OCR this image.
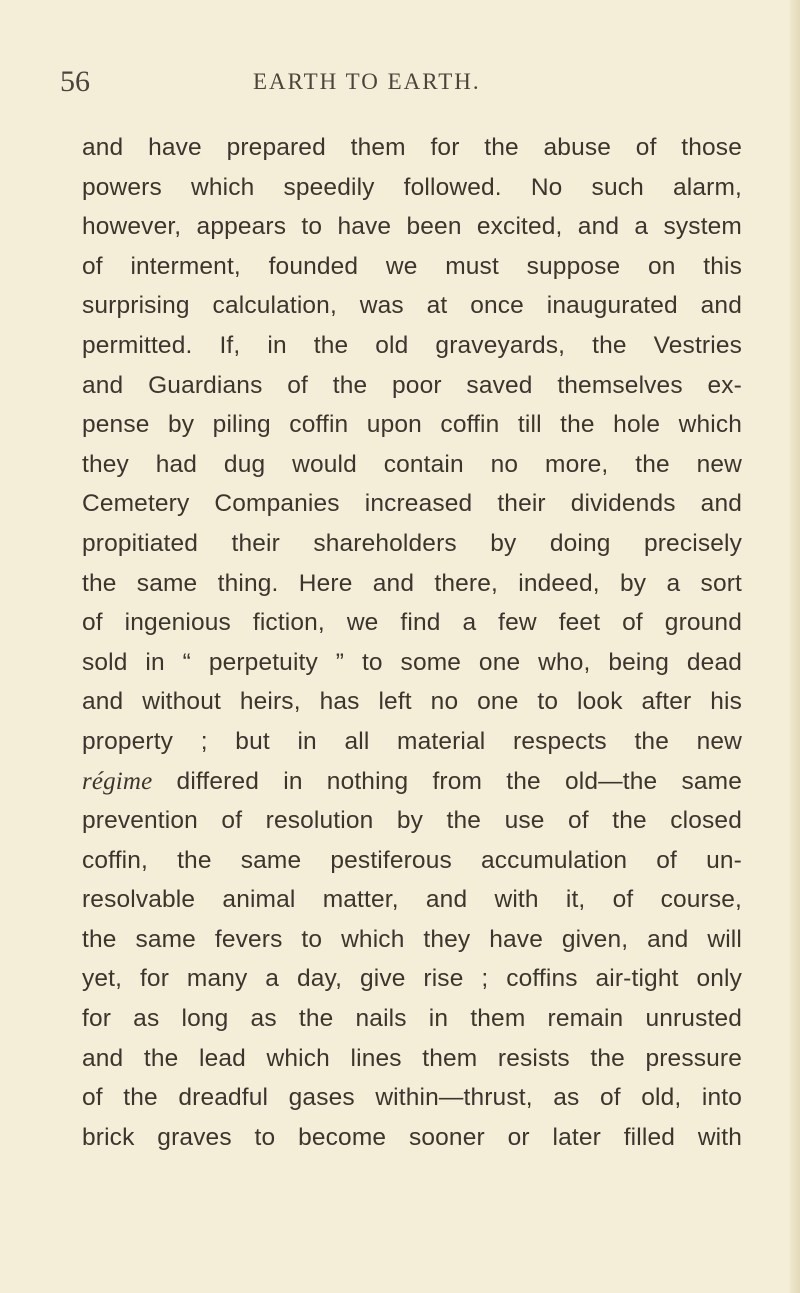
56	EARTH TO EARTH.
and have prepared them for the abuse of those
powers which speedily followed. No such alarm,
however, appears to have been excited, and a system
of interment, founded we must suppose on this
surprising calculation, was at once inaugurated and
permitted. If, in the old graveyards, the Vestries
and Guardians of the poor saved themselves ex-
pense by piling coffin upon coffin till the hole which
they had dug would contain no more, the new
Cemetery Companies increased their dividends and
propitiated their shareholders by doing precisely
the same thing. Here and there, indeed, by a sort
of ingenious fiction, we find a few feet of ground
sold in “ perpetuity ” to some one who, being dead
and without heirs, has left no one to look after his
property ; but in all material respects the new
régime differed in nothing from the old—the same
prevention of resolution by the use of the closed
coffin, the same pestiferous accumulation of un-
resolvable animal matter, and with it, of course,
the same fevers to which they have given, and will
yet, for many a day, give rise ; coffins air-tight only
for as long as the nails in them remain unrusted
and the lead which lines them resists the pressure
of the dreadful gases within—thrust, as of old, into
brick graves to become sooner or later filled with
